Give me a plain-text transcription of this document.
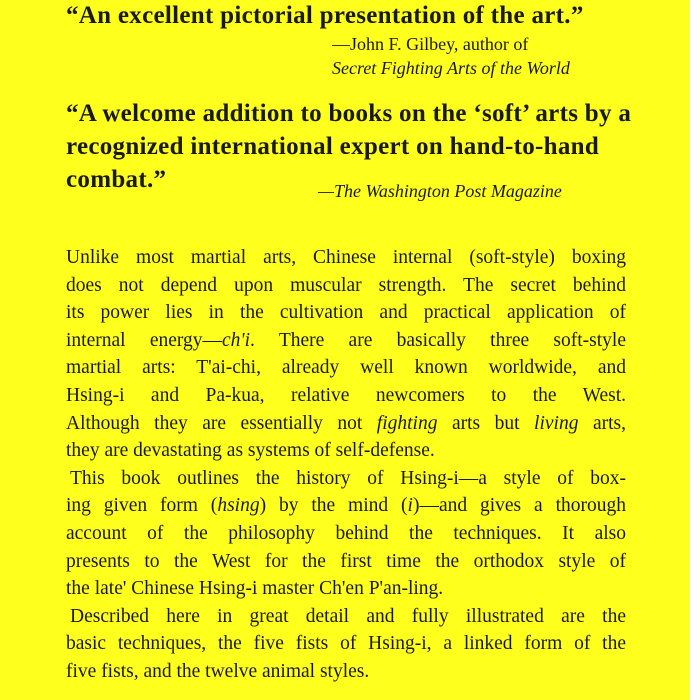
“An excellent pictorial presentation of the art.”

—John F. Gilbey, author of
Secret Fighting Arts of the World

“A welcome addition to books on the ‘soft’ arts by a
recognized international expert on hand-to-hand
combat.”	—The Washington Post Magazine
Unlike most martial arts, Chinese internal (soft-style) boxing
does not depend upon muscular strength. The secret behind
its power lies in the cultivation and practical application of
internal energy—ch'i. There are basically three soft-style
martial arts: T'ai-chi, already well known worldwide, and
Hsing-i and Pa-kua, relative newcomers to the West.
Although they are essentially not fighting arts but living arts,
they are devastating as systems of self-defense.
This book outlines the history of Hsing-i—a style of box-
ing given form (hsing) by the mind (i)—and gives a thorough
account of the philosophy behind the techniques. It also
presents to the West for the first time the orthodox style of
the late' Chinese Hsing-i master Ch'en P'an-ling.
Described here in great detail and fully illustrated are the
basic techniques, the five fists of Hsing-i, a linked form of the
five fists, and the twelve animal styles.
